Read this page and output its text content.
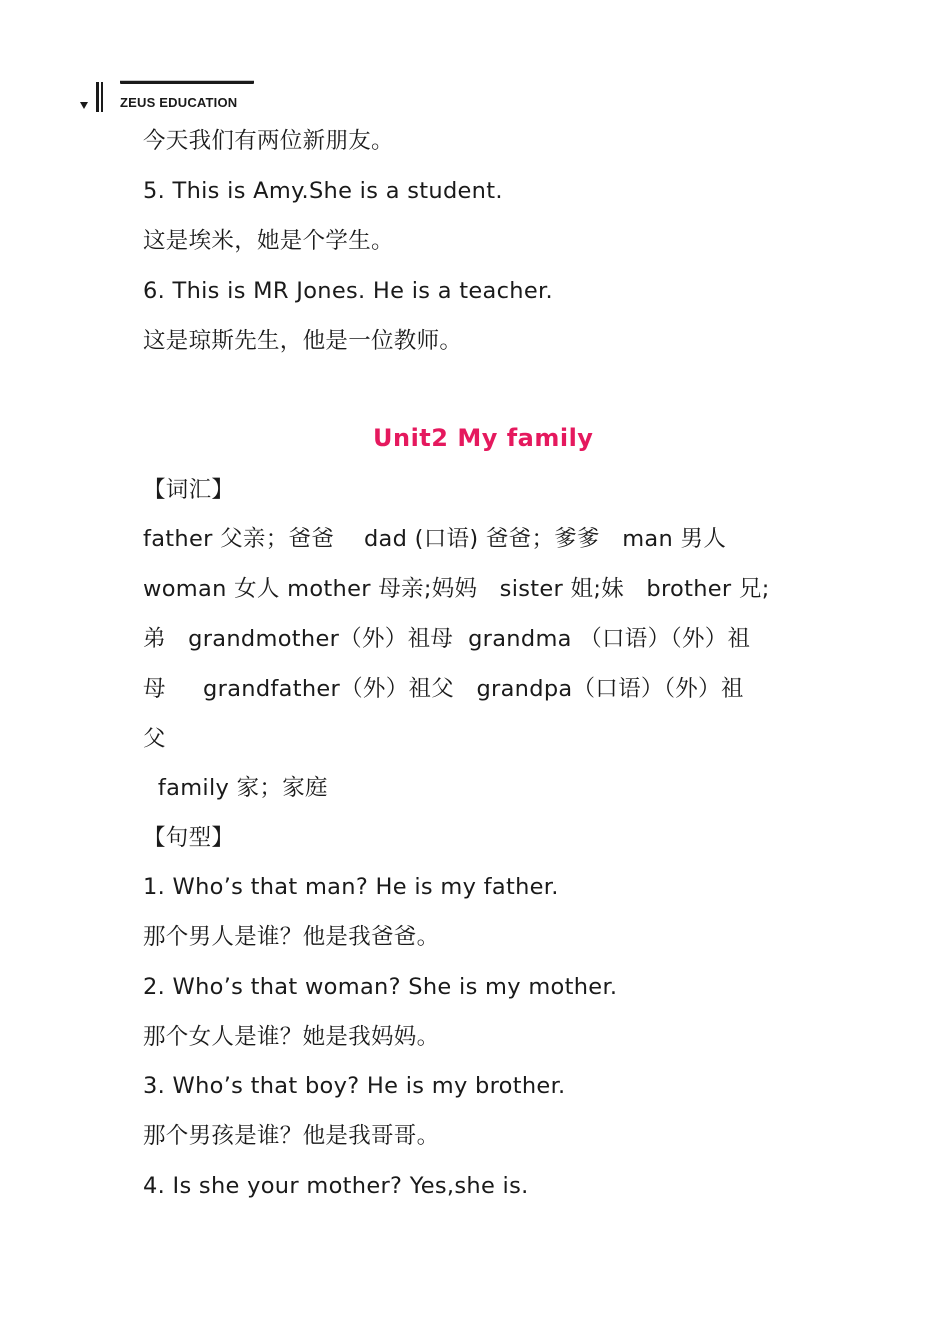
ZEUS EDUCATION
今天我们有两位新朋友。
5. This is Amy.She is a student.
这是埃米，她是个学生。
6. This is MR Jones. He is a teacher.
这是琼斯先生，他是一位教师。
Unit2 My family
【词汇】
father 父亲；爸爸    dad (口语) 爸爸；爹爹   man 男人
woman 女人 mother 母亲;妈妈   sister 姐;妹   brother 兄;
弟   grandmother（外）祖母  grandma （口语）（外）祖
母     grandfather（外）祖父   grandpa（口语）（外）祖
父
family 家；家庭
【句型】
1. Who’s that man? He is my father.
那个男人是谁？他是我爸爸。
2. Who’s that woman? She is my mother.
那个女人是谁？她是我妈妈。
3. Who’s that boy? He is my brother.
那个男孩是谁？他是我哥哥。
4. Is she your mother? Yes,she is.
